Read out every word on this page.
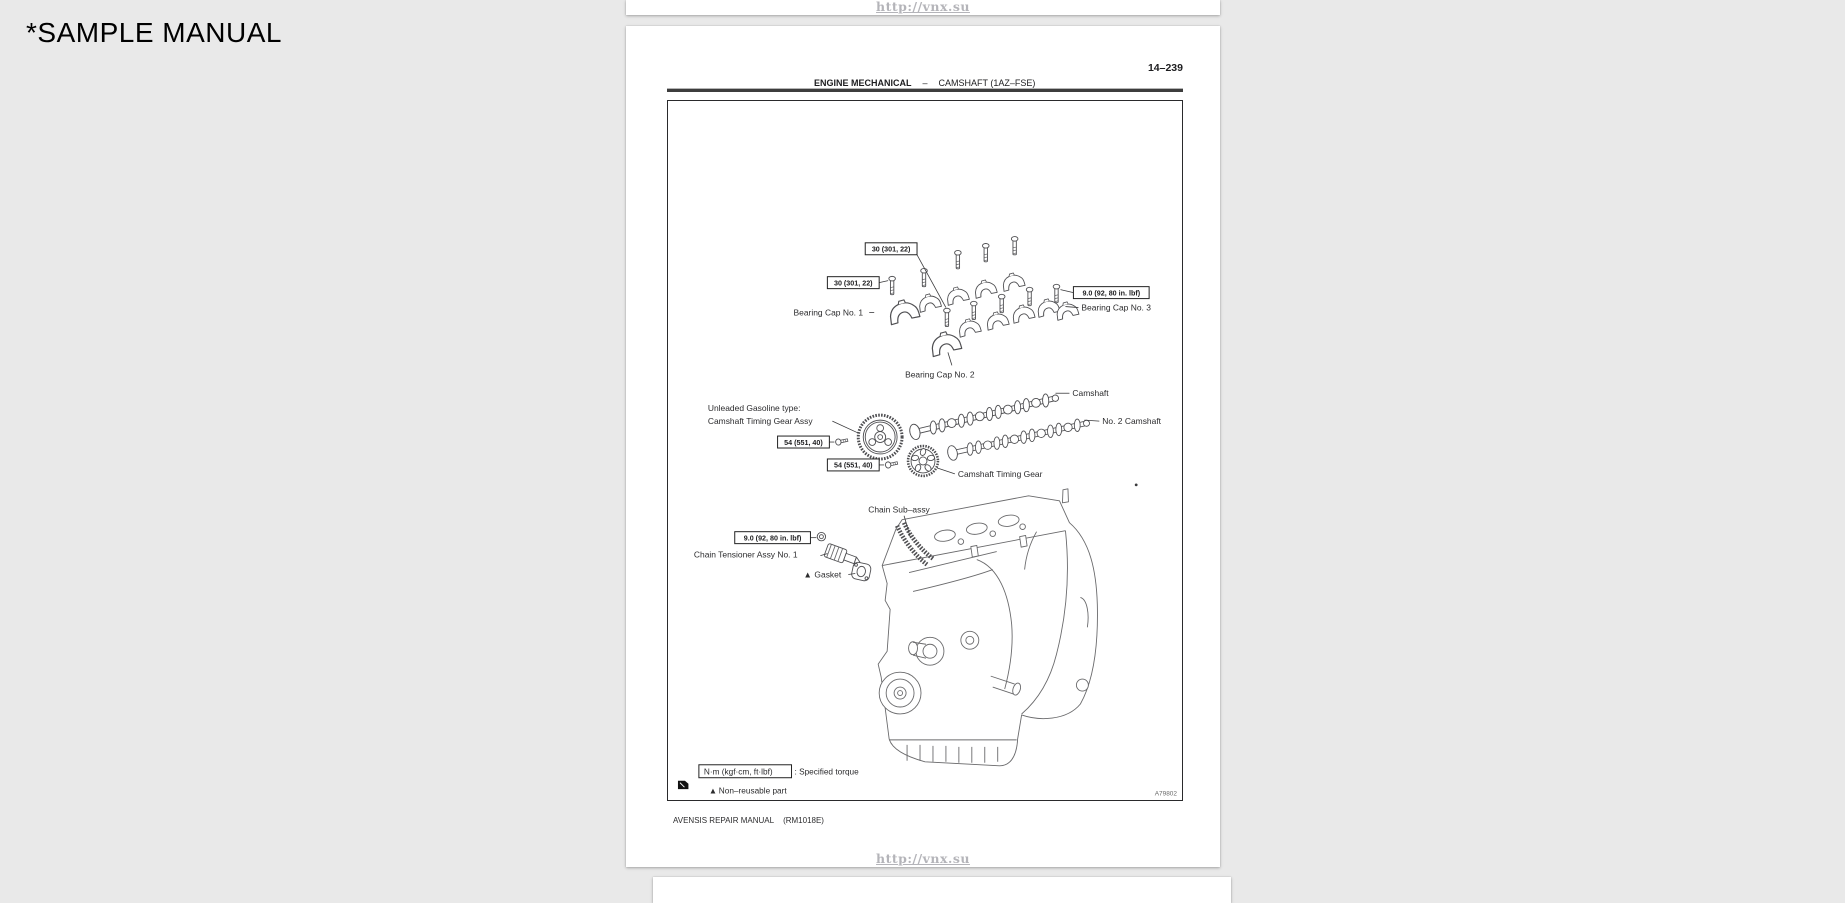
http://vnx.su
*SAMPLE MANUAL
14–239
ENGINE MECHANICAL – CAMSHAFT (1AZ–FSE)
30 (301, 22)
30 (301, 22)
9.0 (92, 80 in. lbf)
54 (551, 40)
54 (551, 40)
9.0 (92, 80 in. lbf)
Bearing Cap No. 1	Bearing Cap No. 3
Bearing Cap No. 2
Camshaft
No. 2 Camshaft
Unleaded Gasoline type:
Camshaft Timing Gear Assy
Camshaft Timing Gear
Chain Sub–assy
Chain Tensioner Assy No. 1
▲ Gasket
N·m (kgf·cm, ft·lbf)	: Specified torque
▲ Non–reusable part	A79802
AVENSIS REPAIR MANUAL (RM1018E)
http://vnx.su
